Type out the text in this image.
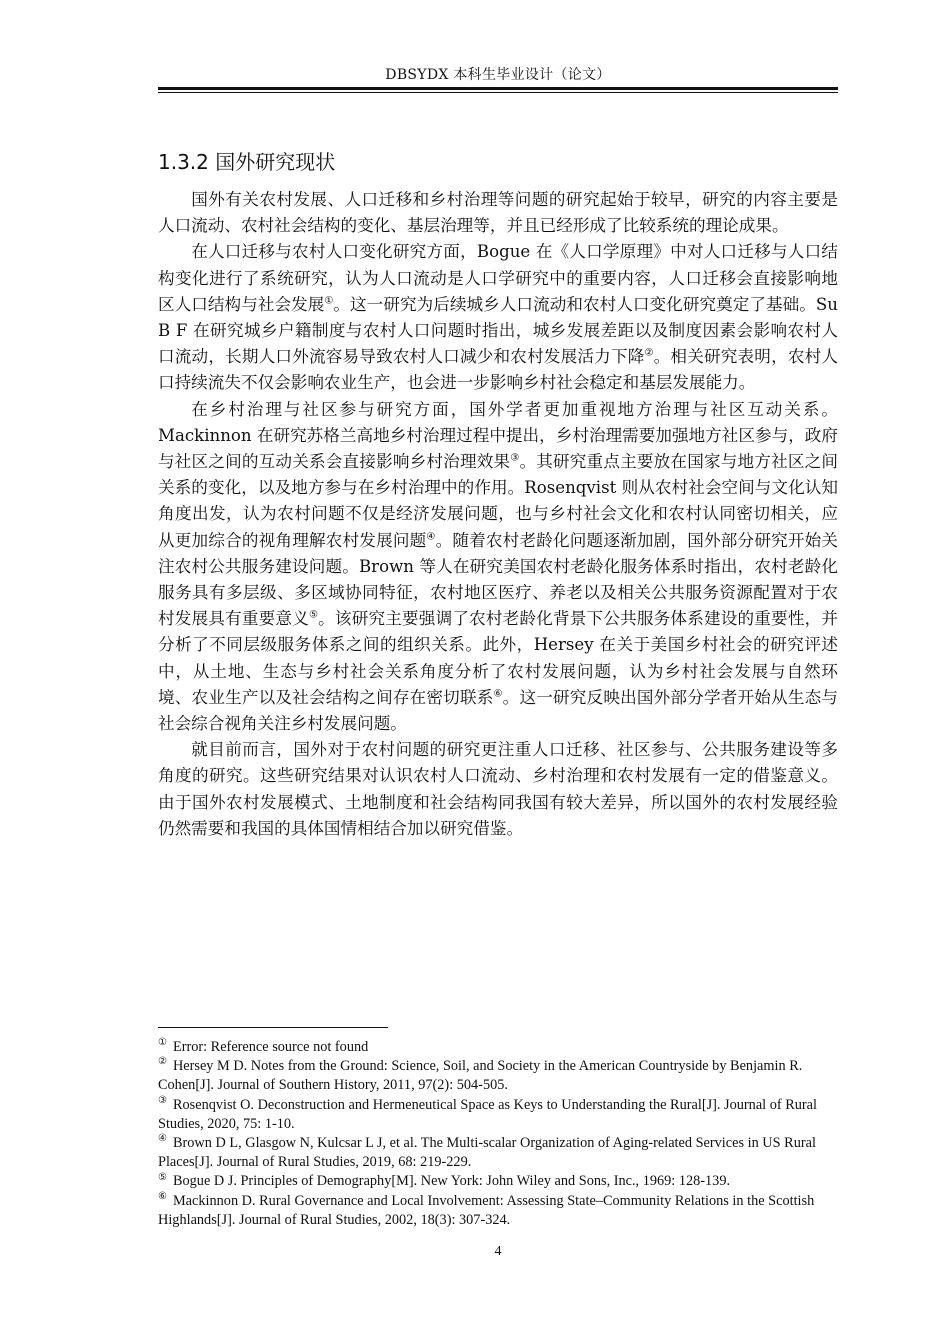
DBSYDX 本科生毕业设计（论文）
1.3.2 国外研究现状

国外有关农村发展、人口迁移和乡村治理等问题的研究起始于较早，研究的内容主要是人口流动、农村社会结构的变化、基层治理等，并且已经形成了比较系统的理论成果。

在人口迁移与农村人口变化研究方面，Bogue 在《人口学原理》中对人口迁移与人口结构变化进行了系统研究，认为人口流动是人口学研究中的重要内容，人口迁移会直接影响地区人口结构与社会发展①。这一研究为后续城乡人口流动和农村人口变化研究奠定了基础。Su B F 在研究城乡户籍制度与农村人口问题时指出，城乡发展差距以及制度因素会影响农村人口流动，长期人口外流容易导致农村人口减少和农村发展活力下降②。相关研究表明，农村人口持续流失不仅会影响农业生产，也会进一步影响乡村社会稳定和基层发展能力。

在乡村治理与社区参与研究方面，国外学者更加重视地方治理与社区互动关系。Mackinnon 在研究苏格兰高地乡村治理过程中提出，乡村治理需要加强地方社区参与，政府与社区之间的互动关系会直接影响乡村治理效果③。其研究重点主要放在国家与地方社区之间关系的变化，以及地方参与在乡村治理中的作用。Rosenqvist 则从农村社会空间与文化认知角度出发，认为农村问题不仅是经济发展问题，也与乡村社会文化和农村认同密切相关，应从更加综合的视角理解农村发展问题④。随着农村老龄化问题逐渐加剧，国外部分研究开始关注农村公共服务建设问题。Brown 等人在研究美国农村老龄化服务体系时指出，农村老龄化服务具有多层级、多区域协同特征，农村地区医疗、养老以及相关公共服务资源配置对于农村发展具有重要意义⑤。该研究主要强调了农村老龄化背景下公共服务体系建设的重要性，并分析了不同层级服务体系之间的组织关系。此外，Hersey 在关于美国乡村社会的研究评述中，从土地、生态与乡村社会关系角度分析了农村发展问题，认为乡村社会发展与自然环境、农业生产以及社会结构之间存在密切联系⑥。这一研究反映出国外部分学者开始从生态与社会综合视角关注乡村发展问题。

就目前而言，国外对于农村问题的研究更注重人口迁移、社区参与、公共服务建设等多角度的研究。这些研究结果对认识农村人口流动、乡村治理和农村发展有一定的借鉴意义。由于国外农村发展模式、土地制度和社会结构同我国有较大差异，所以国外的农村发展经验仍然需要和我国的具体国情相结合加以研究借鉴。

① Error: Reference source not found

② Hersey M D. Notes from the Ground: Science, Soil, and Society in the American Countryside by Benjamin R. Cohen[J]. Journal of Southern History, 2011, 97(2): 504-505.

③ Rosenqvist O. Deconstruction and Hermeneutical Space as Keys to Understanding the Rural[J]. Journal of Rural Studies, 2020, 75: 1-10.

④ Brown D L, Glasgow N, Kulcsar L J, et al. The Multi-scalar Organization of Aging-related Services in US Rural Places[J]. Journal of Rural Studies, 2019, 68: 219-229.

⑤ Bogue D J. Principles of Demography[M]. New York: John Wiley and Sons, Inc., 1969: 128-139.

⑥ Mackinnon D. Rural Governance and Local Involvement: Assessing State–Community Relations in the Scottish Highlands[J]. Journal of Rural Studies, 2002, 18(3): 307-324.

4
